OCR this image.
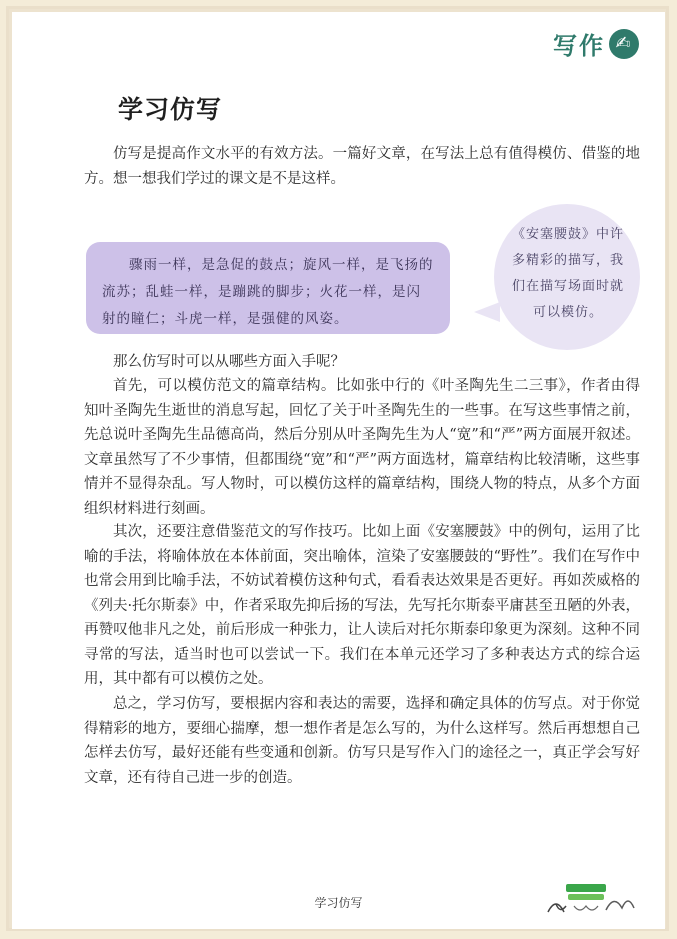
写作 ✍
学习仿写

仿写是提高作文水平的有效方法。一篇好文章，在写法上总有值得模仿、借鉴的地方。想一想我们学过的课文是不是这样。

骤雨一样，是急促的鼓点；旋风一样，是飞扬的流苏；乱蛙一样，是蹦跳的脚步；火花一样，是闪射的瞳仁；斗虎一样，是强健的风姿。
《安塞腰鼓》中许多精彩的描写，我们在描写场面时就可以模仿。

那么仿写时可以从哪些方面入手呢？

首先，可以模仿范文的篇章结构。比如张中行的《叶圣陶先生二三事》，作者由得知叶圣陶先生逝世的消息写起，回忆了关于叶圣陶先生的一些事。在写这些事情之前，先总说叶圣陶先生品德高尚，然后分别从叶圣陶先生为人“宽”和“严”两方面展开叙述。文章虽然写了不少事情，但都围绕“宽”和“严”两方面选材，篇章结构比较清晰，这些事情并不显得杂乱。写人物时，可以模仿这样的篇章结构，围绕人物的特点，从多个方面组织材料进行刻画。

其次，还要注意借鉴范文的写作技巧。比如上面《安塞腰鼓》中的例句，运用了比喻的手法，将喻体放在本体前面，突出喻体，渲染了安塞腰鼓的“野性”。我们在写作中也常会用到比喻手法，不妨试着模仿这种句式，看看表达效果是否更好。再如茨威格的《列夫·托尔斯泰》中，作者采取先抑后扬的写法，先写托尔斯泰平庸甚至丑陋的外表，再赞叹他非凡之处，前后形成一种张力，让人读后对托尔斯泰印象更为深刻。这种不同寻常的写法，适当时也可以尝试一下。我们在本单元还学习了多种表达方式的综合运用，其中都有可以模仿之处。

总之，学习仿写，要根据内容和表达的需要，选择和确定具体的仿写点。对于你觉得精彩的地方，要细心揣摩，想一想作者是怎么写的，为什么这样写。然后再想想自己怎样去仿写，最好还能有些变通和创新。仿写只是写作入门的途径之一，真正学会写好文章，还有待自己进一步的创造。

学习仿写
